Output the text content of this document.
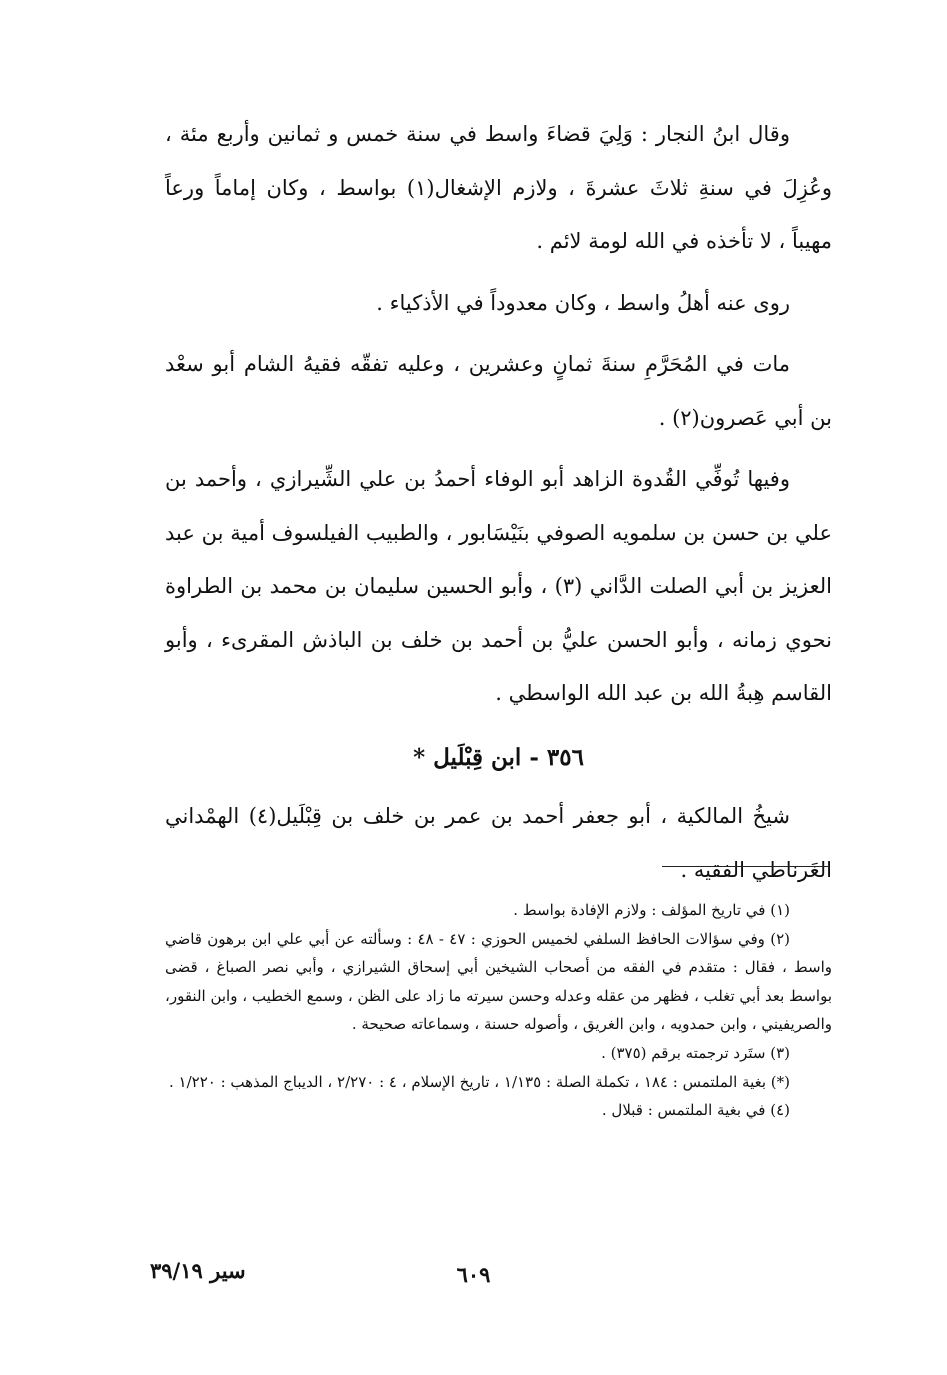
وقال ابنُ النجار : وَلِيَ قضاءَ واسط في سنة خمس و ثمانين وأربع مئة ، وعُزِلَ في سنةِ ثلاثَ عشرةَ ، ولازم الإشغال(١) بواسط ، وكان إماماً ورعاً مهيباً ، لا تأخذه في الله لومة لائم .

روى عنه أهلُ واسط ، وكان معدوداً في الأذكياء .

مات في المُحَرَّمِ سنةَ ثمانٍ وعشرين ، وعليه تفقّه فقيهُ الشام أبو سعْد بن أبي عَصرون(٢) .

وفيها تُوفِّي القُدوة الزاهد أبو الوفاء أحمدُ بن علي الشِّيرازي ، وأحمد بن علي بن حسن بن سلمويه الصوفي بنَيْسَابور ، والطبيب الفيلسوف أمية بن عبد العزيز بن أبي الصلت الدَّاني (٣) ، وأبو الحسين سليمان بن محمد بن الطراوة نحوي زمانه ، وأبو الحسن عليُّ بن أحمد بن خلف بن الباذش المقرىء ، وأبو القاسم هِبةُ الله بن عبد الله الواسطي .

٣٥٦ - ابن قِبْلَيل *

شيخُ المالكية ، أبو جعفر أحمد بن عمر بن خلف بن قِبْلَيل(٤) الهمْداني الغَرناطي الفقيه .

(١) في تاريخ المؤلف : ولازم الإفادة بواسط .

(٢) وفي سؤالات الحافظ السلفي لخميس الحوزي : ٤٧ - ٤٨ : وسألته عن أبي علي ابن برهون قاضي واسط ، فقال : متقدم في الفقه من أصحاب الشيخين أبي إسحاق الشيرازي ، وأبي نصر الصباغ ، قضى بواسط بعد أبي تغلب ، فظهر من عقله وعدله وحسن سيرته ما زاد على الظن ، وسمع الخطيب ، وابن النقور، والصريفيني ، وابن حمدويه ، وابن الغريق ، وأصوله حسنة ، وسماعاته صحيحة .

(٣) ستَرد ترجمته برقم (٣٧٥) .

(*) بغية الملتمس : ١٨٤ ، تكملة الصلة : ١/١٣٥ ، تاريخ الإسلام ، ٤ : ٢/٢٧٠ ، الديباج المذهب : ١/٢٢٠ .

(٤) في بغية الملتمس : قبلال .

٦٠٩
سير ٣٩/١٩
